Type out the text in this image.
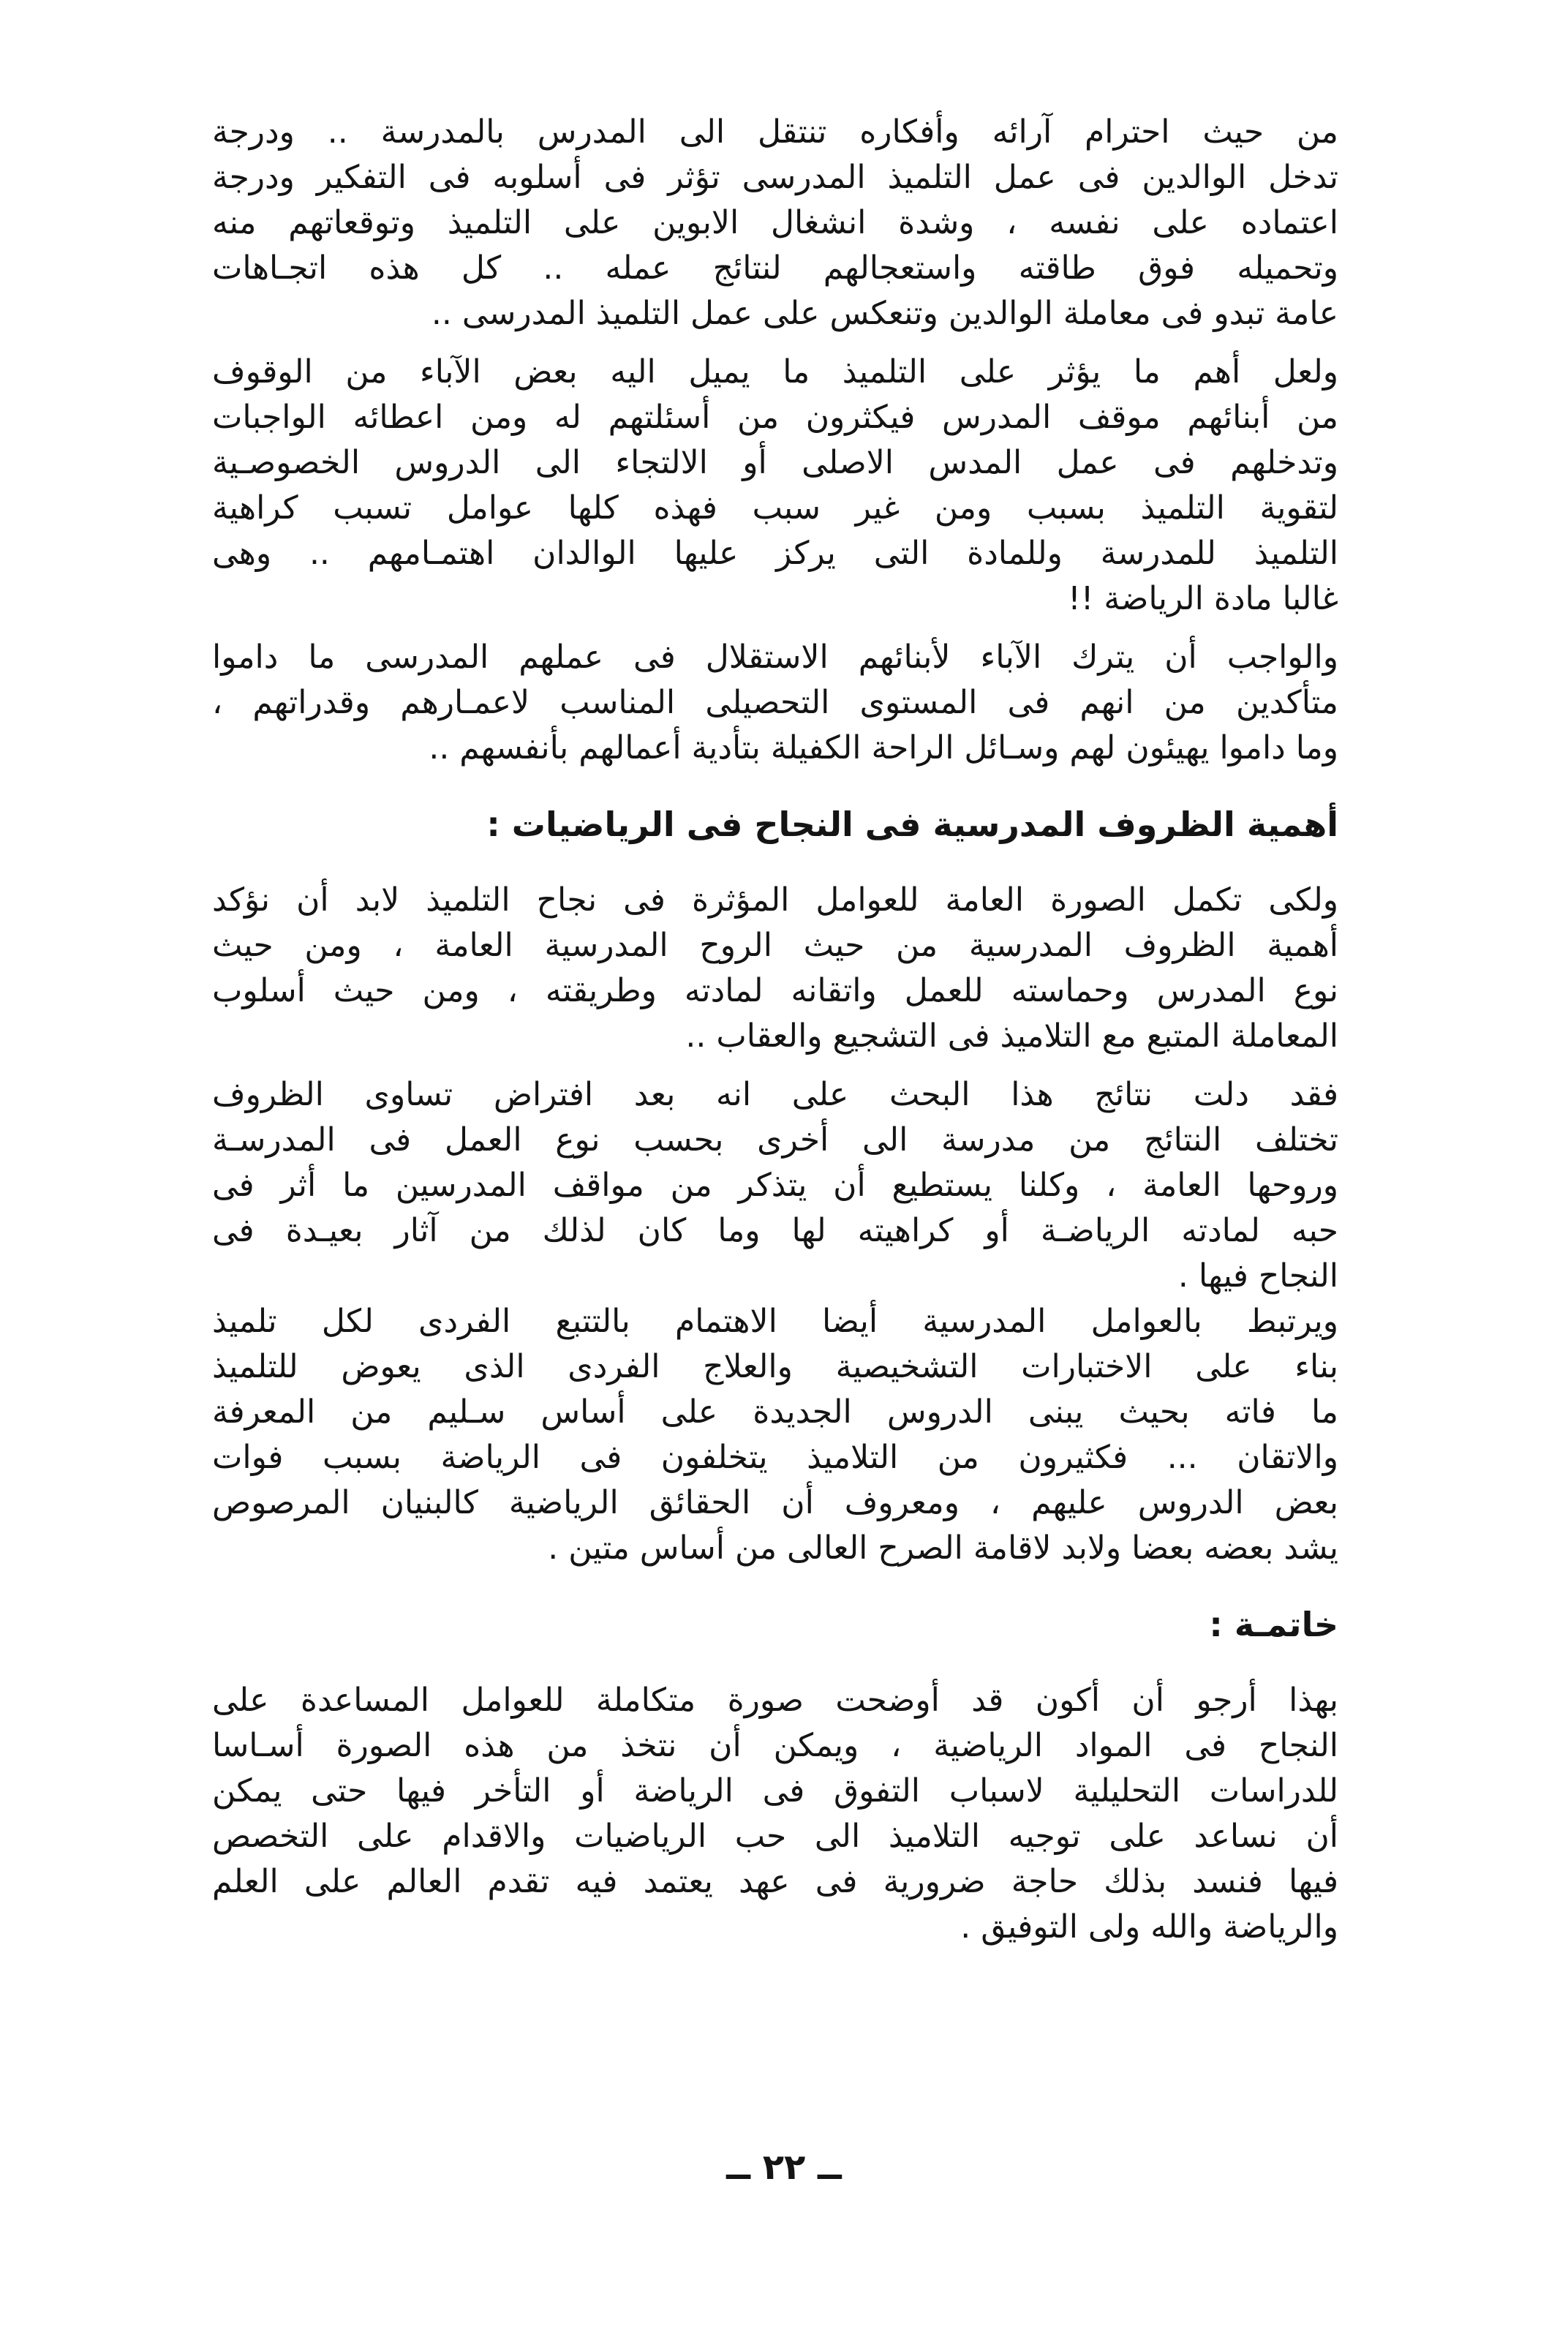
من حيث احترام آرائه وأفكاره تنتقل الى المدرس بالمدرسة .. ودرجة
تدخل الوالدين فى عمل التلميذ المدرسى تؤثر فى أسلوبه فى التفكير ودرجة
اعتماده على نفسه ، وشدة انشغال الابوين على التلميذ وتوقعاتهم منه
وتحميله فوق طاقته واستعجالهم لنتائج عمله .. كل هذه اتجـاهات
عامة تبدو فى معاملة الوالدين وتنعكس على عمل التلميذ المدرسى ..
ولعل أهم ما يؤثر على التلميذ ما يميل اليه بعض الآباء من الوقوف
من أبنائهم موقف المدرس فيكثرون من أسئلتهم له ومن اعطائه الواجبات
وتدخلهم فى عمل المدس الاصلى أو الالتجاء الى الدروس الخصوصـية
لتقوية التلميذ بسبب ومن غير سبب فهذه كلها عوامل تسبب كراهية
التلميذ للمدرسة وللمادة التى يركز عليها الوالدان اهتمـامهم .. وهى
غالبا مادة الرياضة !!
والواجب أن يترك الآباء لأبنائهم الاستقلال فى عملهم المدرسى ما داموا
متأكدين من انهم فى المستوى التحصيلى المناسب لاعمـارهم وقدراتهم ،
وما داموا يهيئون لهم وسـائل الراحة الكفيلة بتأدية أعمالهم بأنفسهم ..
أهمية الظروف المدرسية فى النجاح فى الرياضيات :
ولكى تكمل الصورة العامة للعوامل المؤثرة فى نجاح التلميذ لابد أن نؤكد
أهمية الظروف المدرسية من حيث الروح المدرسية العامة ، ومن حيث
نوع المدرس وحماسته للعمل واتقانه لمادته وطريقته ، ومن حيث أسلوب
المعاملة المتبع مع التلاميذ فى التشجيع والعقاب ..
فقد دلت نتائج هذا البحث على انه بعد افتراض تساوى الظروف
تختلف النتائج من مدرسة الى أخرى بحسب نوع العمل فى المدرسـة
وروحها العامة ، وكلنا يستطيع أن يتذكر من مواقف المدرسين ما أثر فى
حبه لمادته الرياضـة أو كراهيته لها وما كان لذلك من آثار بعيـدة فى
النجاح فيها .
ويرتبط بالعوامل المدرسية أيضا الاهتمام بالتتبع الفردى لكل تلميذ
بناء على الاختبارات التشخيصية والعلاج الفردى الذى يعوض للتلميذ
ما فاته بحيث يبنى الدروس الجديدة على أساس سـليم من المعرفة
والاتقان ... فكثيرون من التلاميذ يتخلفون فى الرياضة بسبب فوات
بعض الدروس عليهم ، ومعروف أن الحقائق الرياضية كالبنيان المرصوص
يشد بعضه بعضا ولابد لاقامة الصرح العالى من أساس متين .
خاتمـة :
بهذا أرجو أن أكون قد أوضحت صورة متكاملة للعوامل المساعدة على
النجاح فى المواد الرياضية ، ويمكن أن نتخذ من هذه الصورة أسـاسا
للدراسات التحليلية لاسباب التفوق فى الرياضة أو التأخر فيها حتى يمكن
أن نساعد على توجيه التلاميذ الى حب الرياضيات والاقدام على التخصص
فيها فنسد بذلك حاجة ضرورية فى عهد يعتمد فيه تقدم العالم على العلم
والرياضة والله ولى التوفيق .
ــ ٢٢ ــ
